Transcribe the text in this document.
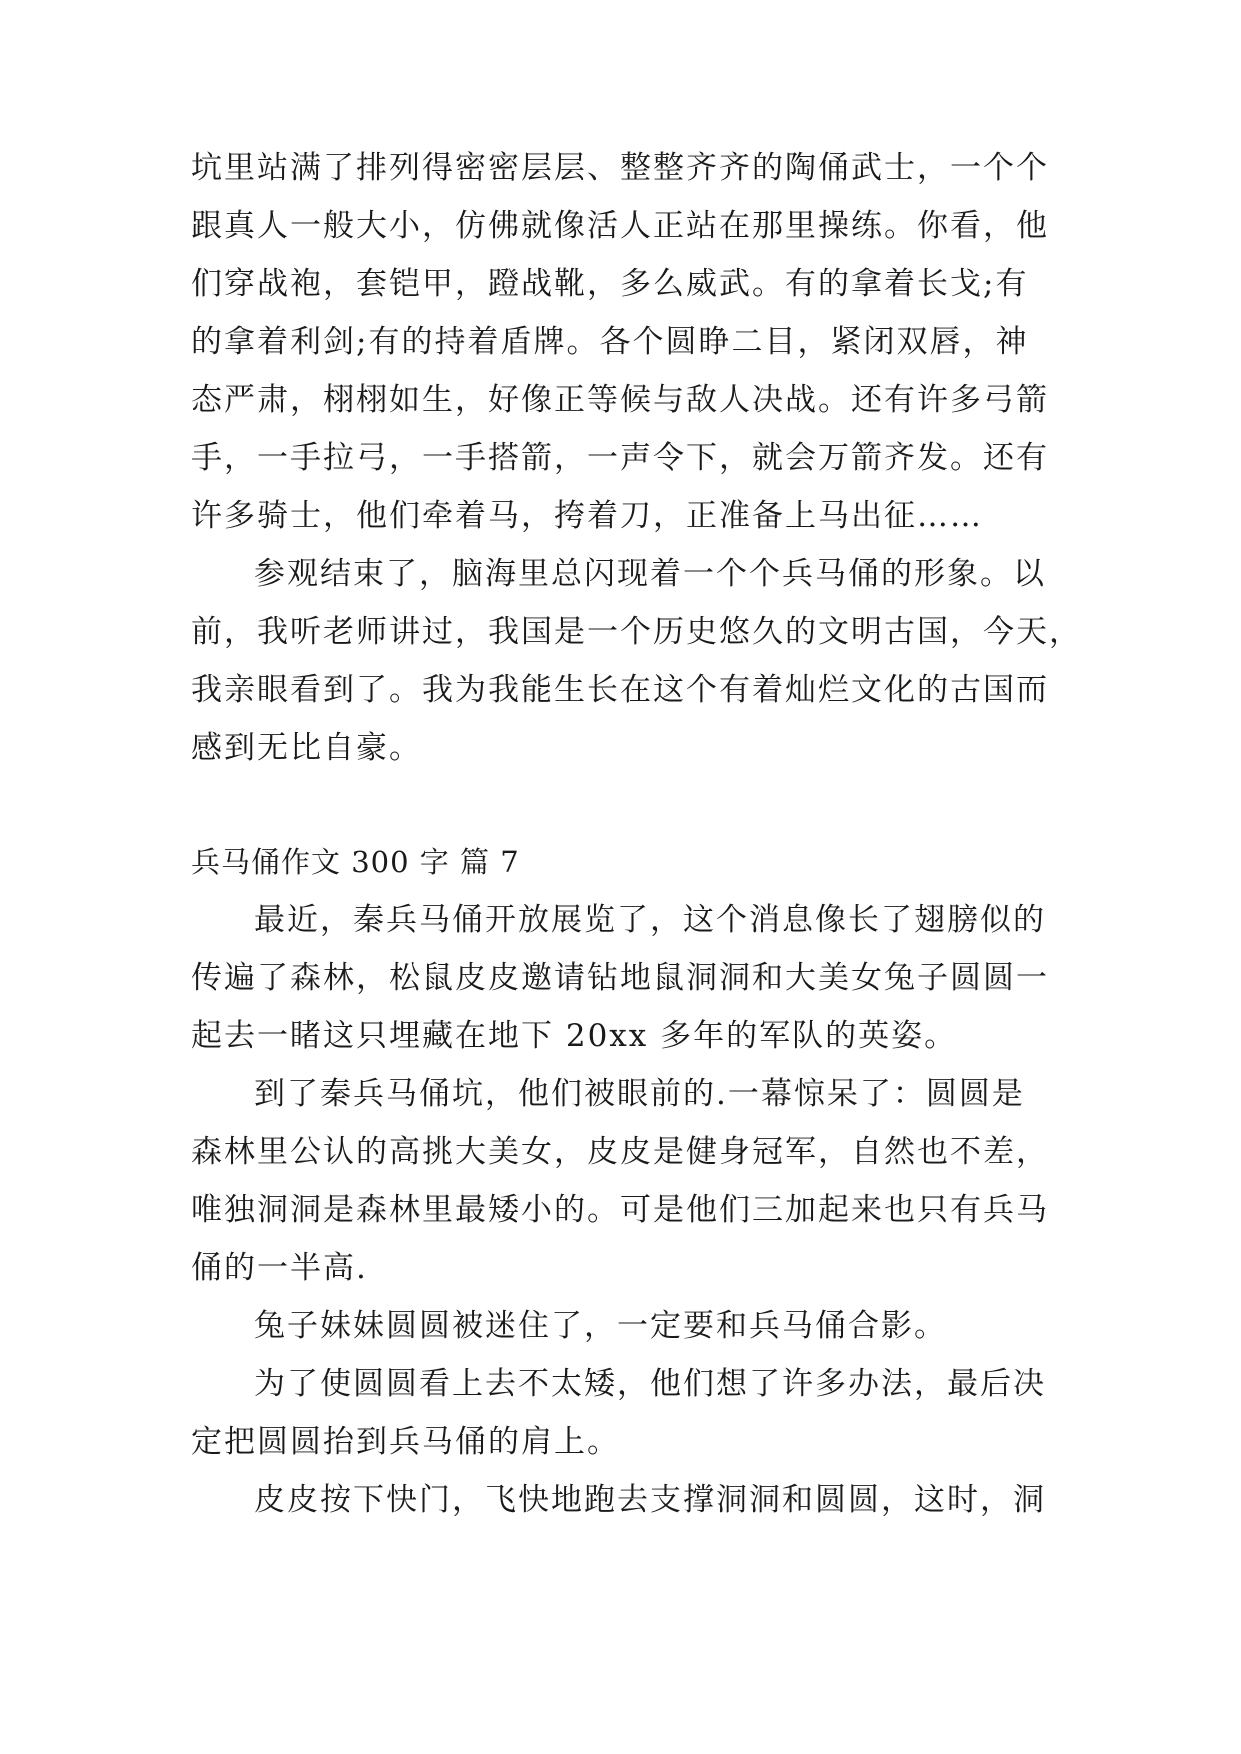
坑里站满了排列得密密层层、整整齐齐的陶俑武士，一个个
跟真人一般大小，仿佛就像活人正站在那里操练。你看，他
们穿战袍，套铠甲，蹬战靴，多么威武。有的拿着长戈;有
的拿着利剑;有的持着盾牌。各个圆睁二目，紧闭双唇，神
态严肃，栩栩如生，好像正等候与敌人决战。还有许多弓箭
手，一手拉弓，一手搭箭，一声令下，就会万箭齐发。还有
许多骑士，他们牵着马，挎着刀，正准备上马出征……
参观结束了，脑海里总闪现着一个个兵马俑的形象。以
前，我听老师讲过，我国是一个历史悠久的文明古国，今天，
我亲眼看到了。我为我能生长在这个有着灿烂文化的古国而
感到无比自豪。
兵马俑作文 300 字 篇 7
最近，秦兵马俑开放展览了，这个消息像长了翅膀似的
传遍了森林，松鼠皮皮邀请钻地鼠洞洞和大美女兔子圆圆一
起去一睹这只埋藏在地下 20xx 多年的军队的英姿。
到了秦兵马俑坑，他们被眼前的.一幕惊呆了：圆圆是
森林里公认的高挑大美女，皮皮是健身冠军，自然也不差，
唯独洞洞是森林里最矮小的。可是他们三加起来也只有兵马
俑的一半高.
兔子妹妹圆圆被迷住了，一定要和兵马俑合影。
为了使圆圆看上去不太矮，他们想了许多办法，最后决
定把圆圆抬到兵马俑的肩上。
皮皮按下快门，飞快地跑去支撑洞洞和圆圆，这时，洞
